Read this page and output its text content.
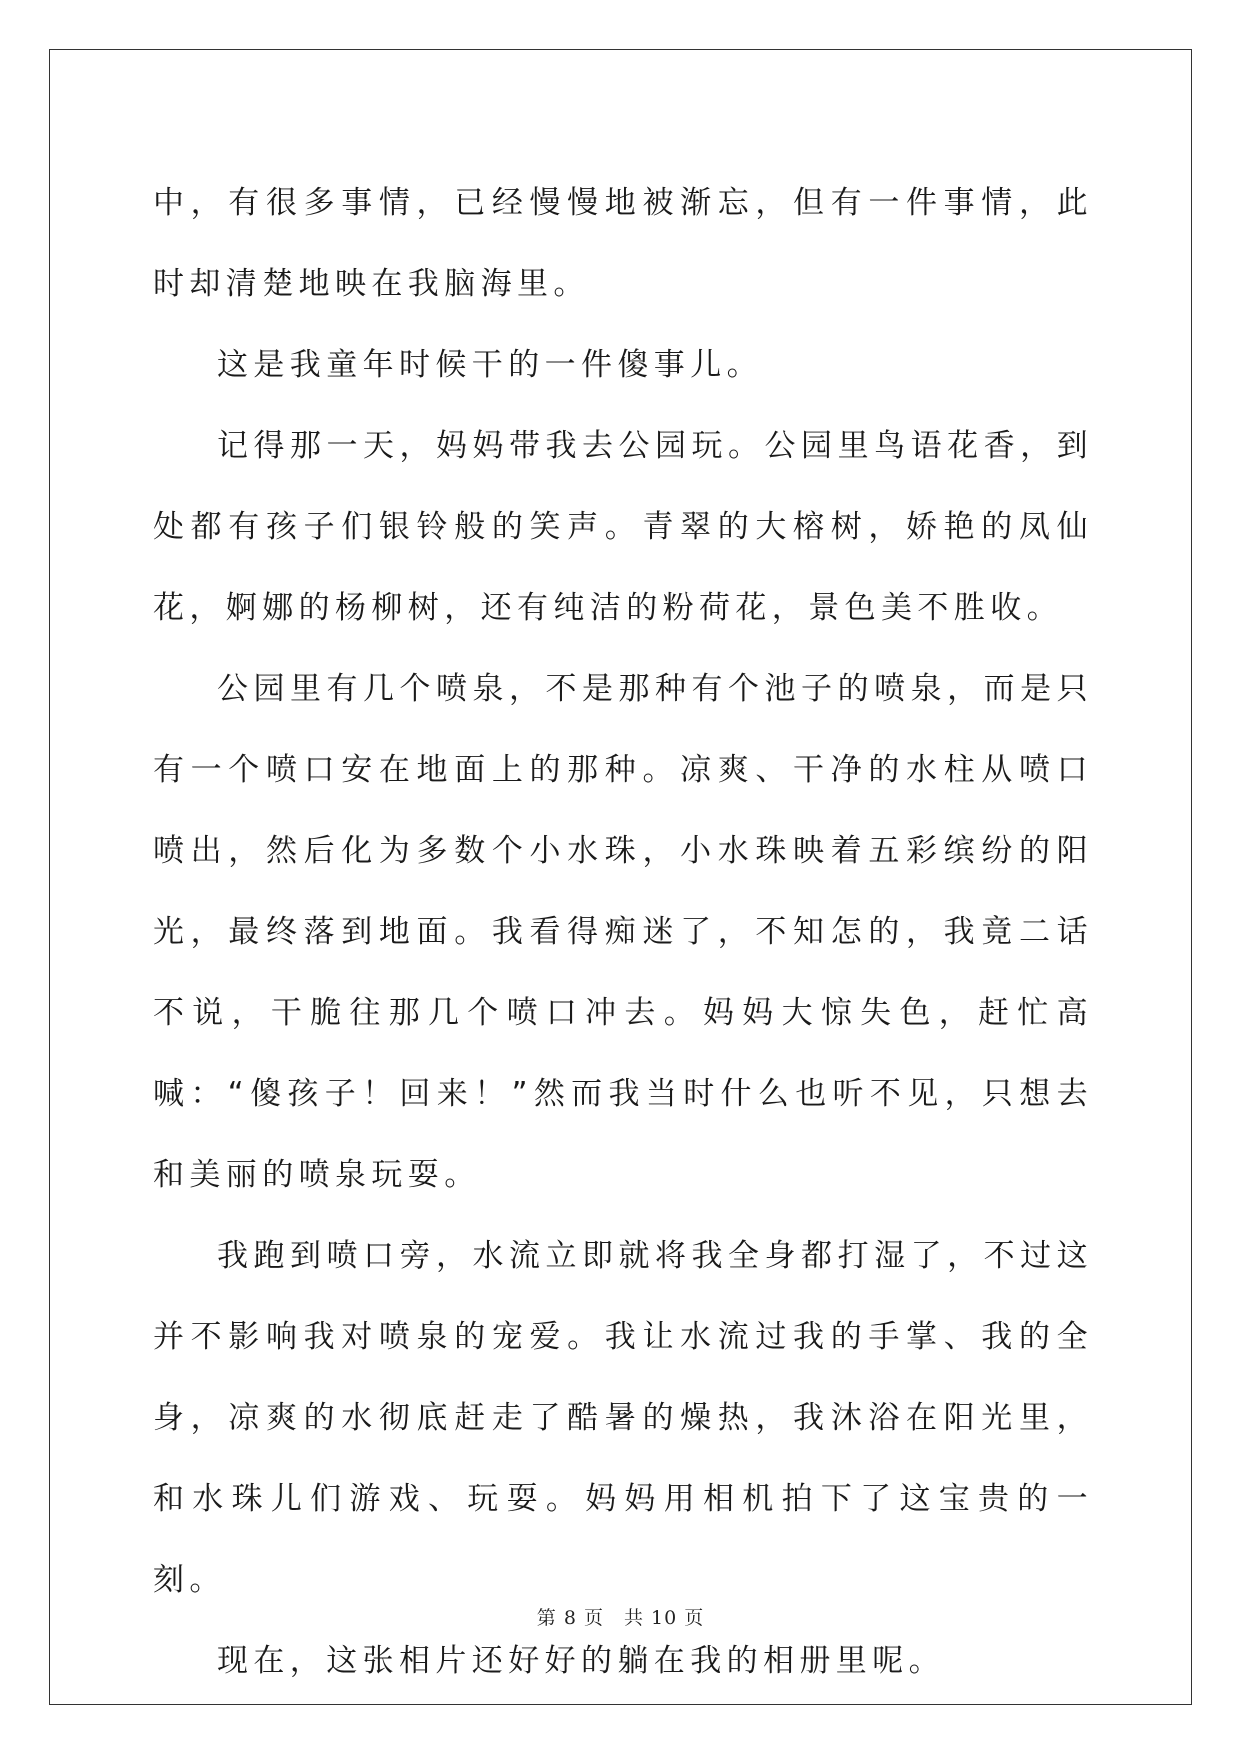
中，有很多事情，已经慢慢地被渐忘，但有一件事情，此时却清楚地映在我脑海里。

这是我童年时候干的一件傻事儿。

记得那一天，妈妈带我去公园玩。公园里鸟语花香，到处都有孩子们银铃般的笑声。青翠的大榕树，娇艳的凤仙花，婀娜的杨柳树，还有纯洁的粉荷花，景色美不胜收。

公园里有几个喷泉，不是那种有个池子的喷泉，而是只有一个喷口安在地面上的那种。凉爽、干净的水柱从喷口喷出，然后化为多数个小水珠，小水珠映着五彩缤纷的阳光，最终落到地面。我看得痴迷了，不知怎的，我竟二话不说，干脆往那几个喷口冲去。妈妈大惊失色，赶忙高喊：“傻孩子！回来！”然而我当时什么也听不见，只想去和美丽的喷泉玩耍。

我跑到喷口旁，水流立即就将我全身都打湿了，不过这并不影响我对喷泉的宠爱。我让水流过我的手掌、我的全身，凉爽的水彻底赶走了酷暑的燥热，我沐浴在阳光里，和水珠儿们游戏、玩耍。妈妈用相机拍下了这宝贵的一刻。

现在，这张相片还好好的躺在我的相册里呢。

第 8 页 共 10 页
